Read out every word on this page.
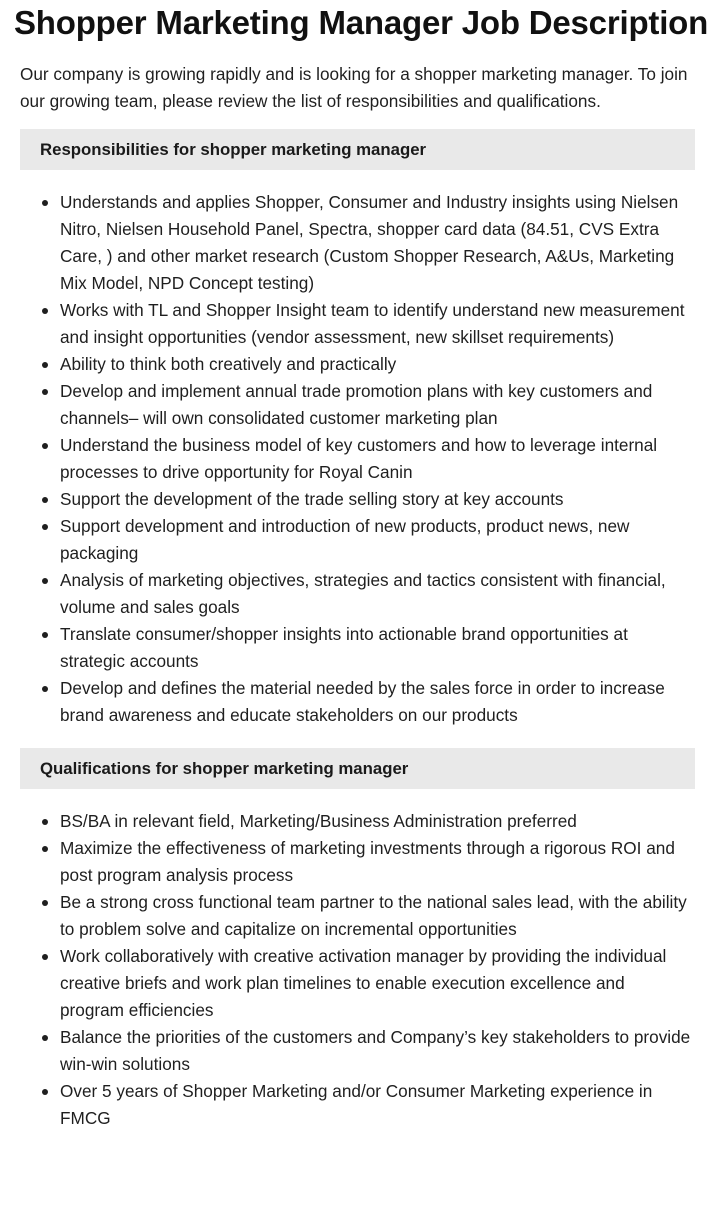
Shopper Marketing Manager Job Description

Our company is growing rapidly and is looking for a shopper marketing manager. To join our growing team, please review the list of responsibilities and qualifications.

Responsibilities for shopper marketing manager
Understands and applies Shopper, Consumer and Industry insights using Nielsen Nitro, Nielsen Household Panel, Spectra, shopper card data (84.51, CVS Extra Care, ) and other market research (Custom Shopper Research, A&Us, Marketing Mix Model, NPD Concept testing)
Works with TL and Shopper Insight team to identify understand new measurement and insight opportunities (vendor assessment, new skillset requirements)
Ability to think both creatively and practically
Develop and implement annual trade promotion plans with key customers and channels– will own consolidated customer marketing plan
Understand the business model of key customers and how to leverage internal processes to drive opportunity for Royal Canin
Support the development of the trade selling story at key accounts
Support development and introduction of new products, product news, new packaging
Analysis of marketing objectives, strategies and tactics consistent with financial, volume and sales goals
Translate consumer/shopper insights into actionable brand opportunities at strategic accounts
Develop and defines the material needed by the sales force in order to increase brand awareness and educate stakeholders on our products
Qualifications for shopper marketing manager
BS/BA in relevant field, Marketing/Business Administration preferred
Maximize the effectiveness of marketing investments through a rigorous ROI and post program analysis process
Be a strong cross functional team partner to the national sales lead, with the ability to problem solve and capitalize on incremental opportunities
Work collaboratively with creative activation manager by providing the individual creative briefs and work plan timelines to enable execution excellence and program efficiencies
Balance the priorities of the customers and Company’s key stakeholders to provide win-win solutions
Over 5 years of Shopper Marketing and/or Consumer Marketing experience in FMCG
